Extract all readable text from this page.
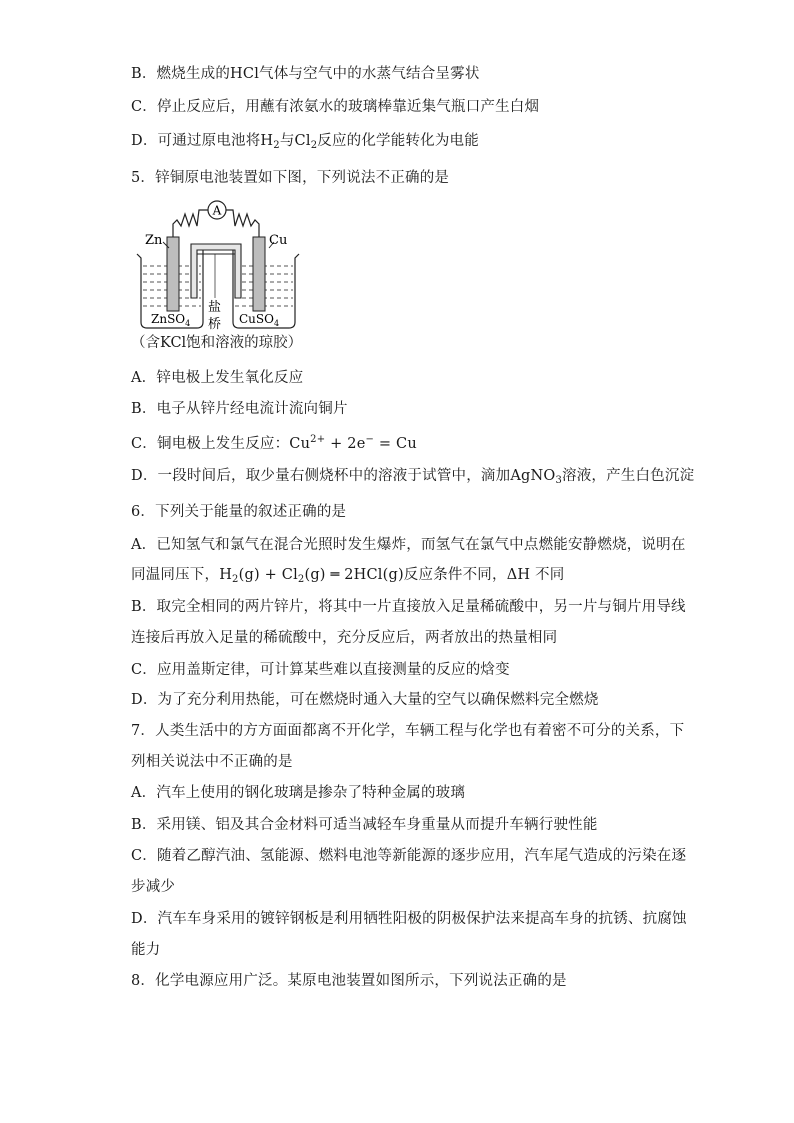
B．燃烧生成的HCl气体与空气中的水蒸气结合呈雾状
C．停止反应后，用蘸有浓氨水的玻璃棒靠近集气瓶口产生白烟
D．可通过原电池将$H_2$与$Cl_2$反应的化学能转化为电能
5．锌铜原电池装置如下图，下列说法不正确的是
A
Zn	Cu
盐
桥
ZnSO$_4$	CuSO$_4$
（含KCl饱和溶液的琼胶）
A．锌电极上发生氧化反应
B．电子从锌片经电流计流向铜片
C．铜电极上发生反应：$Cu^{2+} + 2e^- = Cu$
D．一段时间后，取少量右侧烧杯中的溶液于试管中，滴加AgNO$_3$溶液，产生白色沉淀
6．下列关于能量的叙述正确的是
A．已知氢气和氯气在混合光照时发生爆炸，而氢气在氯气中点燃能安静燃烧，说明在
同温同压下，$H_2(g) + Cl_2(g)$ ═ 2HCl(g)反应条件不同，ΔH 不同
B．取完全相同的两片锌片，将其中一片直接放入足量稀硫酸中，另一片与铜片用导线
连接后再放入足量的稀硫酸中，充分反应后，两者放出的热量相同
C．应用盖斯定律，可计算某些难以直接测量的反应的焓变
D．为了充分利用热能，可在燃烧时通入大量的空气以确保燃料完全燃烧
7．人类生活中的方方面面都离不开化学，车辆工程与化学也有着密不可分的关系，下
列相关说法中不正确的是
A．汽车上使用的钢化玻璃是掺杂了特种金属的玻璃
B．采用镁、铝及其合金材料可适当减轻车身重量从而提升车辆行驶性能
C．随着乙醇汽油、氢能源、燃料电池等新能源的逐步应用，汽车尾气造成的污染在逐
步减少
D．汽车车身采用的镀锌钢板是利用牺牲阳极的阴极保护法来提高车身的抗锈、抗腐蚀
能力
8．化学电源应用广泛。某原电池装置如图所示，下列说法正确的是
